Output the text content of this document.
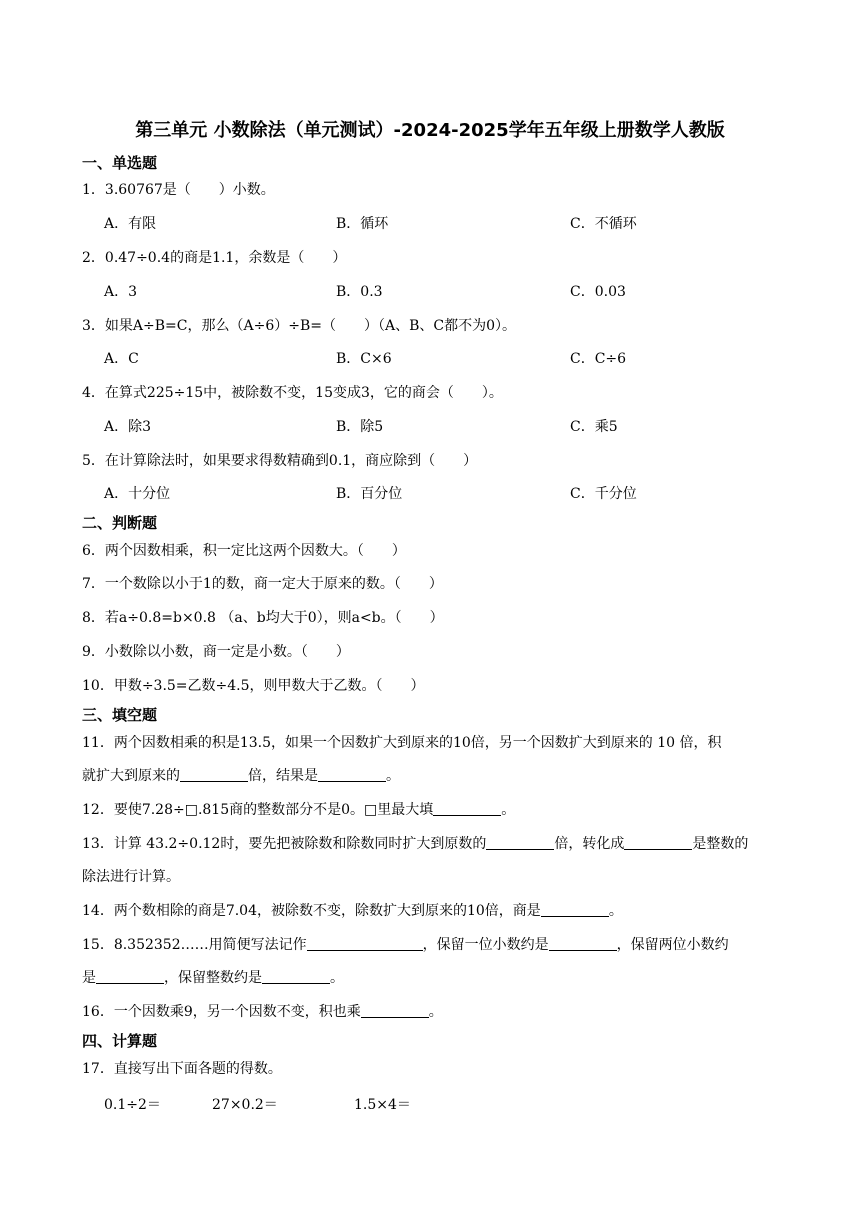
第三单元 小数除法（单元测试）-2024-2025学年五年级上册数学人教版
一、单选题
1．3.60767是（　　）小数。
A．有限	B．循环	C．不循环
2．0.47÷0.4的商是1.1，余数是（　　）
A．3	B．0.3	C．0.03
3．如果A÷B=C，那么（A÷6）÷B=（　　）（A、B、C都不为0）。
A．C	B．C×6	C．C÷6
4．在算式225÷15中，被除数不变，15变成3，它的商会（　　）。
A．除3	B．除5	C．乘5
5．在计算除法时，如果要求得数精确到0.1，商应除到（　　）
A．十分位	B．百分位	C．千分位
二、判断题
6．两个因数相乘，积一定比这两个因数大。（　　）
7．一个数除以小于1的数，商一定大于原来的数。（　　）
8．若a÷0.8=b×0.8 （a、b均大于0），则a<b。（　　）
9．小数除以小数，商一定是小数。（　　）
10．甲数÷3.5=乙数÷4.5，则甲数大于乙数。（　　）
三、填空题
11．两个因数相乘的积是13.5，如果一个因数扩大到原来的10倍，另一个因数扩大到原来的 10 倍，积
就扩大到原来的	倍，结果是	。
12．要使7.28÷□.815商的整数部分不是0。□里最大填	。
13．计算 43.2÷0.12时，要先把被除数和除数同时扩大到原数的	倍，转化成	是整数的
除法进行计算。
14．两个数相除的商是7.04，被除数不变，除数扩大到原来的10倍，商是	。
15．8.352352……用简便写法记作	，保留一位小数约是	，保留两位小数约
是	，保留整数约是	。
16．一个因数乘9，另一个因数不变，积也乘	。
四、计算题
17．直接写出下面各题的得数。
0.1÷2＝	27×0.2＝	1.5×4＝
